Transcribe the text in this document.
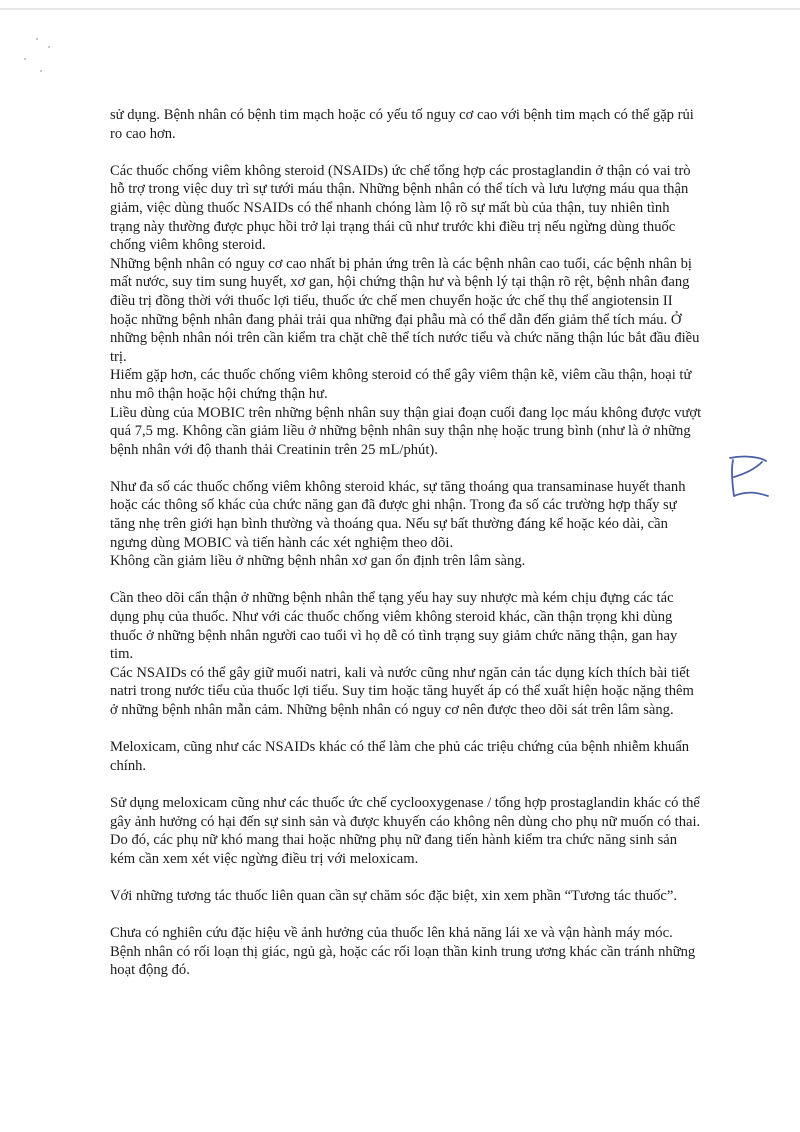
sử dụng. Bệnh nhân có bệnh tim mạch hoặc có yếu tố nguy cơ cao với bệnh tim mạch có thể gặp rủi ro cao hơn.

Các thuốc chống viêm không steroid (NSAIDs) ức chế tổng hợp các prostaglandin ở thận có vai trò hỗ trợ trong việc duy trì sự tưới máu thận. Những bệnh nhân có thể tích và lưu lượng máu qua thận giảm, việc dùng thuốc NSAIDs có thể nhanh chóng làm lộ rõ sự mất bù của thận, tuy nhiên tình trạng này thường được phục hồi trở lại trạng thái cũ như trước khi điều trị nếu ngừng dùng thuốc chống viêm không steroid.

Những bệnh nhân có nguy cơ cao nhất bị phản ứng trên là các bệnh nhân cao tuổi, các bệnh nhân bị mất nước, suy tim sung huyết, xơ gan, hội chứng thận hư và bệnh lý tại thận rõ rệt, bệnh nhân đang điều trị đồng thời với thuốc lợi tiểu, thuốc ức chế men chuyển hoặc ức chế thụ thể angiotensin II hoặc những bệnh nhân đang phải trải qua những đại phẫu mà có thể dẫn đến giảm thể tích máu. Ở những bệnh nhân nói trên cần kiểm tra chặt chẽ thể tích nước tiểu và chức năng thận lúc bắt đầu điều trị.

Hiếm gặp hơn, các thuốc chống viêm không steroid có thể gây viêm thận kẽ, viêm cầu thận, hoại tử nhu mô thận hoặc hội chứng thận hư.

Liều dùng của MOBIC trên những bệnh nhân suy thận giai đoạn cuối đang lọc máu không được vượt quá 7,5 mg. Không cần giảm liều ở những bệnh nhân suy thận nhẹ hoặc trung bình (như là ở những bệnh nhân với độ thanh thải Creatinin trên 25 mL/phút).

Như đa số các thuốc chống viêm không steroid khác, sự tăng thoáng qua transaminase huyết thanh hoặc các thông số khác của chức năng gan đã được ghi nhận. Trong đa số các trường hợp thấy sự tăng nhẹ trên giới hạn bình thường và thoáng qua. Nếu sự bất thường đáng kể hoặc kéo dài, cần ngưng dùng MOBIC và tiến hành các xét nghiệm theo dõi.

Không cần giảm liều ở những bệnh nhân xơ gan ổn định trên lâm sàng.

Cần theo dõi cẩn thận ở những bệnh nhân thể tạng yếu hay suy nhược mà kém chịu đựng các tác dụng phụ của thuốc. Như với các thuốc chống viêm không steroid khác, cần thận trọng khi dùng thuốc ở những bệnh nhân người cao tuổi vì họ dễ có tình trạng suy giảm chức năng thận, gan hay tim.

Các NSAIDs có thể gây giữ muối natri, kali và nước cũng như ngăn cản tác dụng kích thích bài tiết natri trong nước tiểu của thuốc lợi tiểu. Suy tim hoặc tăng huyết áp có thể xuất hiện hoặc nặng thêm ở những bệnh nhân mẫn cảm. Những bệnh nhân có nguy cơ nên được theo dõi sát trên lâm sàng.

Meloxicam, cũng như các NSAIDs khác có thể làm che phủ các triệu chứng của bệnh nhiễm khuẩn chính.

Sử dụng meloxicam cũng như các thuốc ức chế cyclooxygenase / tổng hợp prostaglandin khác có thể gây ảnh hưởng có hại đến sự sinh sản và được khuyến cáo không nên dùng cho phụ nữ muốn có thai.

Do đó, các phụ nữ khó mang thai hoặc những phụ nữ đang tiến hành kiểm tra chức năng sinh sản kém cần xem xét việc ngừng điều trị với meloxicam.

Với những tương tác thuốc liên quan cần sự chăm sóc đặc biệt, xin xem phần “Tương tác thuốc”.

Chưa có nghiên cứu đặc hiệu về ảnh hưởng của thuốc lên khả năng lái xe và vận hành máy móc. Bệnh nhân có rối loạn thị giác, ngủ gà, hoặc các rối loạn thần kinh trung ương khác cần tránh những hoạt động đó.
